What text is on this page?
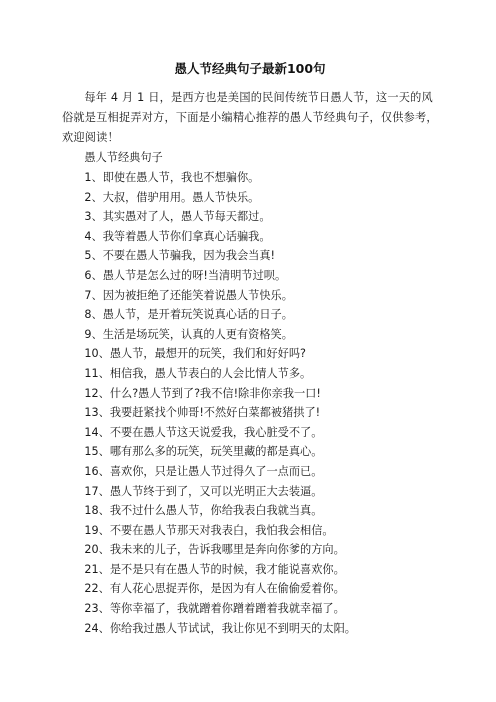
愚人节经典句子最新100句

每年 4 月 1 日，是西方也是美国的民间传统节日愚人节，这一天的风俗就是互相捉弄对方，下面是小编精心推荐的愚人节经典句子，仅供参考，欢迎阅读！

愚人节经典句子

1、即使在愚人节，我也不想骗你。
2、大叔，借驴用用。愚人节快乐。
3、其实愚对了人，愚人节每天都过。
4、我等着愚人节你们拿真心话骗我。
5、不要在愚人节骗我，因为我会当真!
6、愚人节是怎么过的呀!当清明节过呗。
7、因为被拒绝了还能笑着说愚人节快乐。
8、愚人节，是开着玩笑说真心话的日子。
9、生活是场玩笑，认真的人更有资格笑。
10、愚人节，最想开的玩笑，我们和好好吗?
11、相信我，愚人节表白的人会比情人节多。
12、什么?愚人节到了?我不信!除非你亲我一口!
13、我要赶紧找个帅哥!不然好白菜都被猪拱了!
14、不要在愚人节这天说爱我，我心脏受不了。
15、哪有那么多的玩笑，玩笑里藏的都是真心。
16、喜欢你，只是让愚人节过得久了一点而已。
17、愚人节终于到了，又可以光明正大去装逼。
18、我不过什么愚人节，你给我表白我就当真。
19、不要在愚人节那天对我表白，我怕我会相信。
20、我未来的儿子，告诉我哪里是奔向你爹的方向。
21、是不是只有在愚人节的时候，我才能说喜欢你。
22、有人花心思捉弄你，是因为有人在偷偷爱着你。
23、等你幸福了，我就蹭着你蹭着蹭着我就幸福了。
24、你给我过愚人节试试，我让你见不到明天的太阳。
